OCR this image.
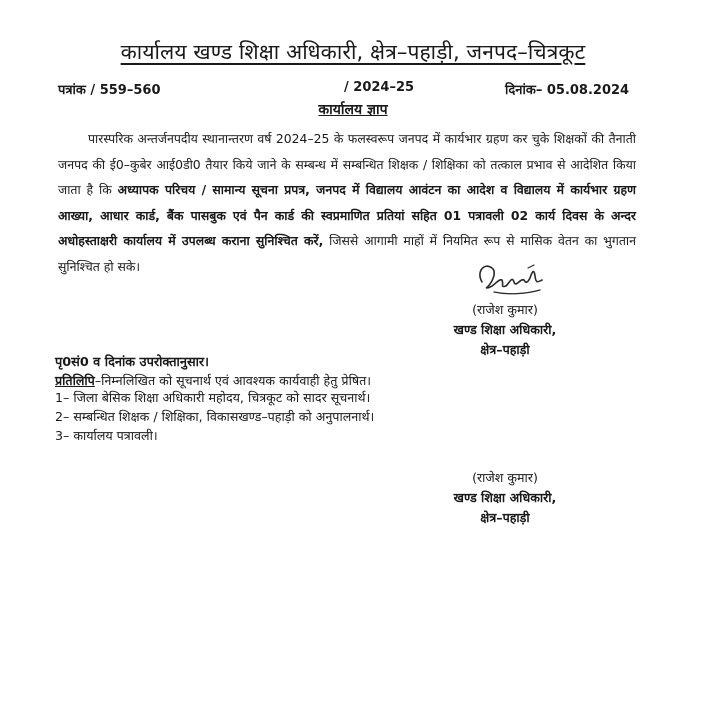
कार्यालय खण्ड शिक्षा अधिकारी, क्षेत्र–पहाड़ी, जनपद–चित्रकूट
पत्रांक / 559–560	/ 2024–25	दिनांक– 05.08.2024
कार्यालय ज्ञाप
पारस्परिक अन्तर्जनपदीय स्थानान्तरण वर्ष 2024–25 के फलस्वरूप जनपद में कार्यभार ग्रहण कर चुके शिक्षकों की तैनाती जनपद की ई0–कुबेर आई0डी0 तैयार किये जाने के सम्बन्ध में सम्बन्धित शिक्षक / शिक्षिका को तत्काल प्रभाव से आदेशित किया जाता है कि अध्यापक परिचय / सामान्य सूचना प्रपत्र, जनपद में विद्यालय आवंटन का आदेश व विद्यालय में कार्यभार ग्रहण आख्या, आधार कार्ड, बैंक पासबुक एवं पैन कार्ड की स्वप्रमाणित प्रतियां सहित 01 पत्रावली 02 कार्य दिवस के अन्दर अधोहस्ताक्षरी कार्यालय में उपलब्ध कराना सुनिश्चित करें, जिससे आगामी माहों में नियमित रूप से मासिक वेतन का भुगतान सुनिश्चित हो सके।
(राजेश कुमार)
खण्ड शिक्षा अधिकारी,
क्षेत्र–पहाड़ी
पृ0सं0 व दिनांक उपरोक्तानुसार।
प्रतिलिपि–निम्नलिखित को सूचनार्थ एवं आवश्यक कार्यवाही हेतु प्रेषित।
1– जिला बेसिक शिक्षा अधिकारी महोदय, चित्रकूट को सादर सूचनार्थ।
2– सम्बन्धित शिक्षक / शिक्षिका, विकासखण्ड–पहाड़ी को अनुपालनार्थ।
3– कार्यालय पत्रावली।
(राजेश कुमार)
खण्ड शिक्षा अधिकारी,
क्षेत्र–पहाड़ी
